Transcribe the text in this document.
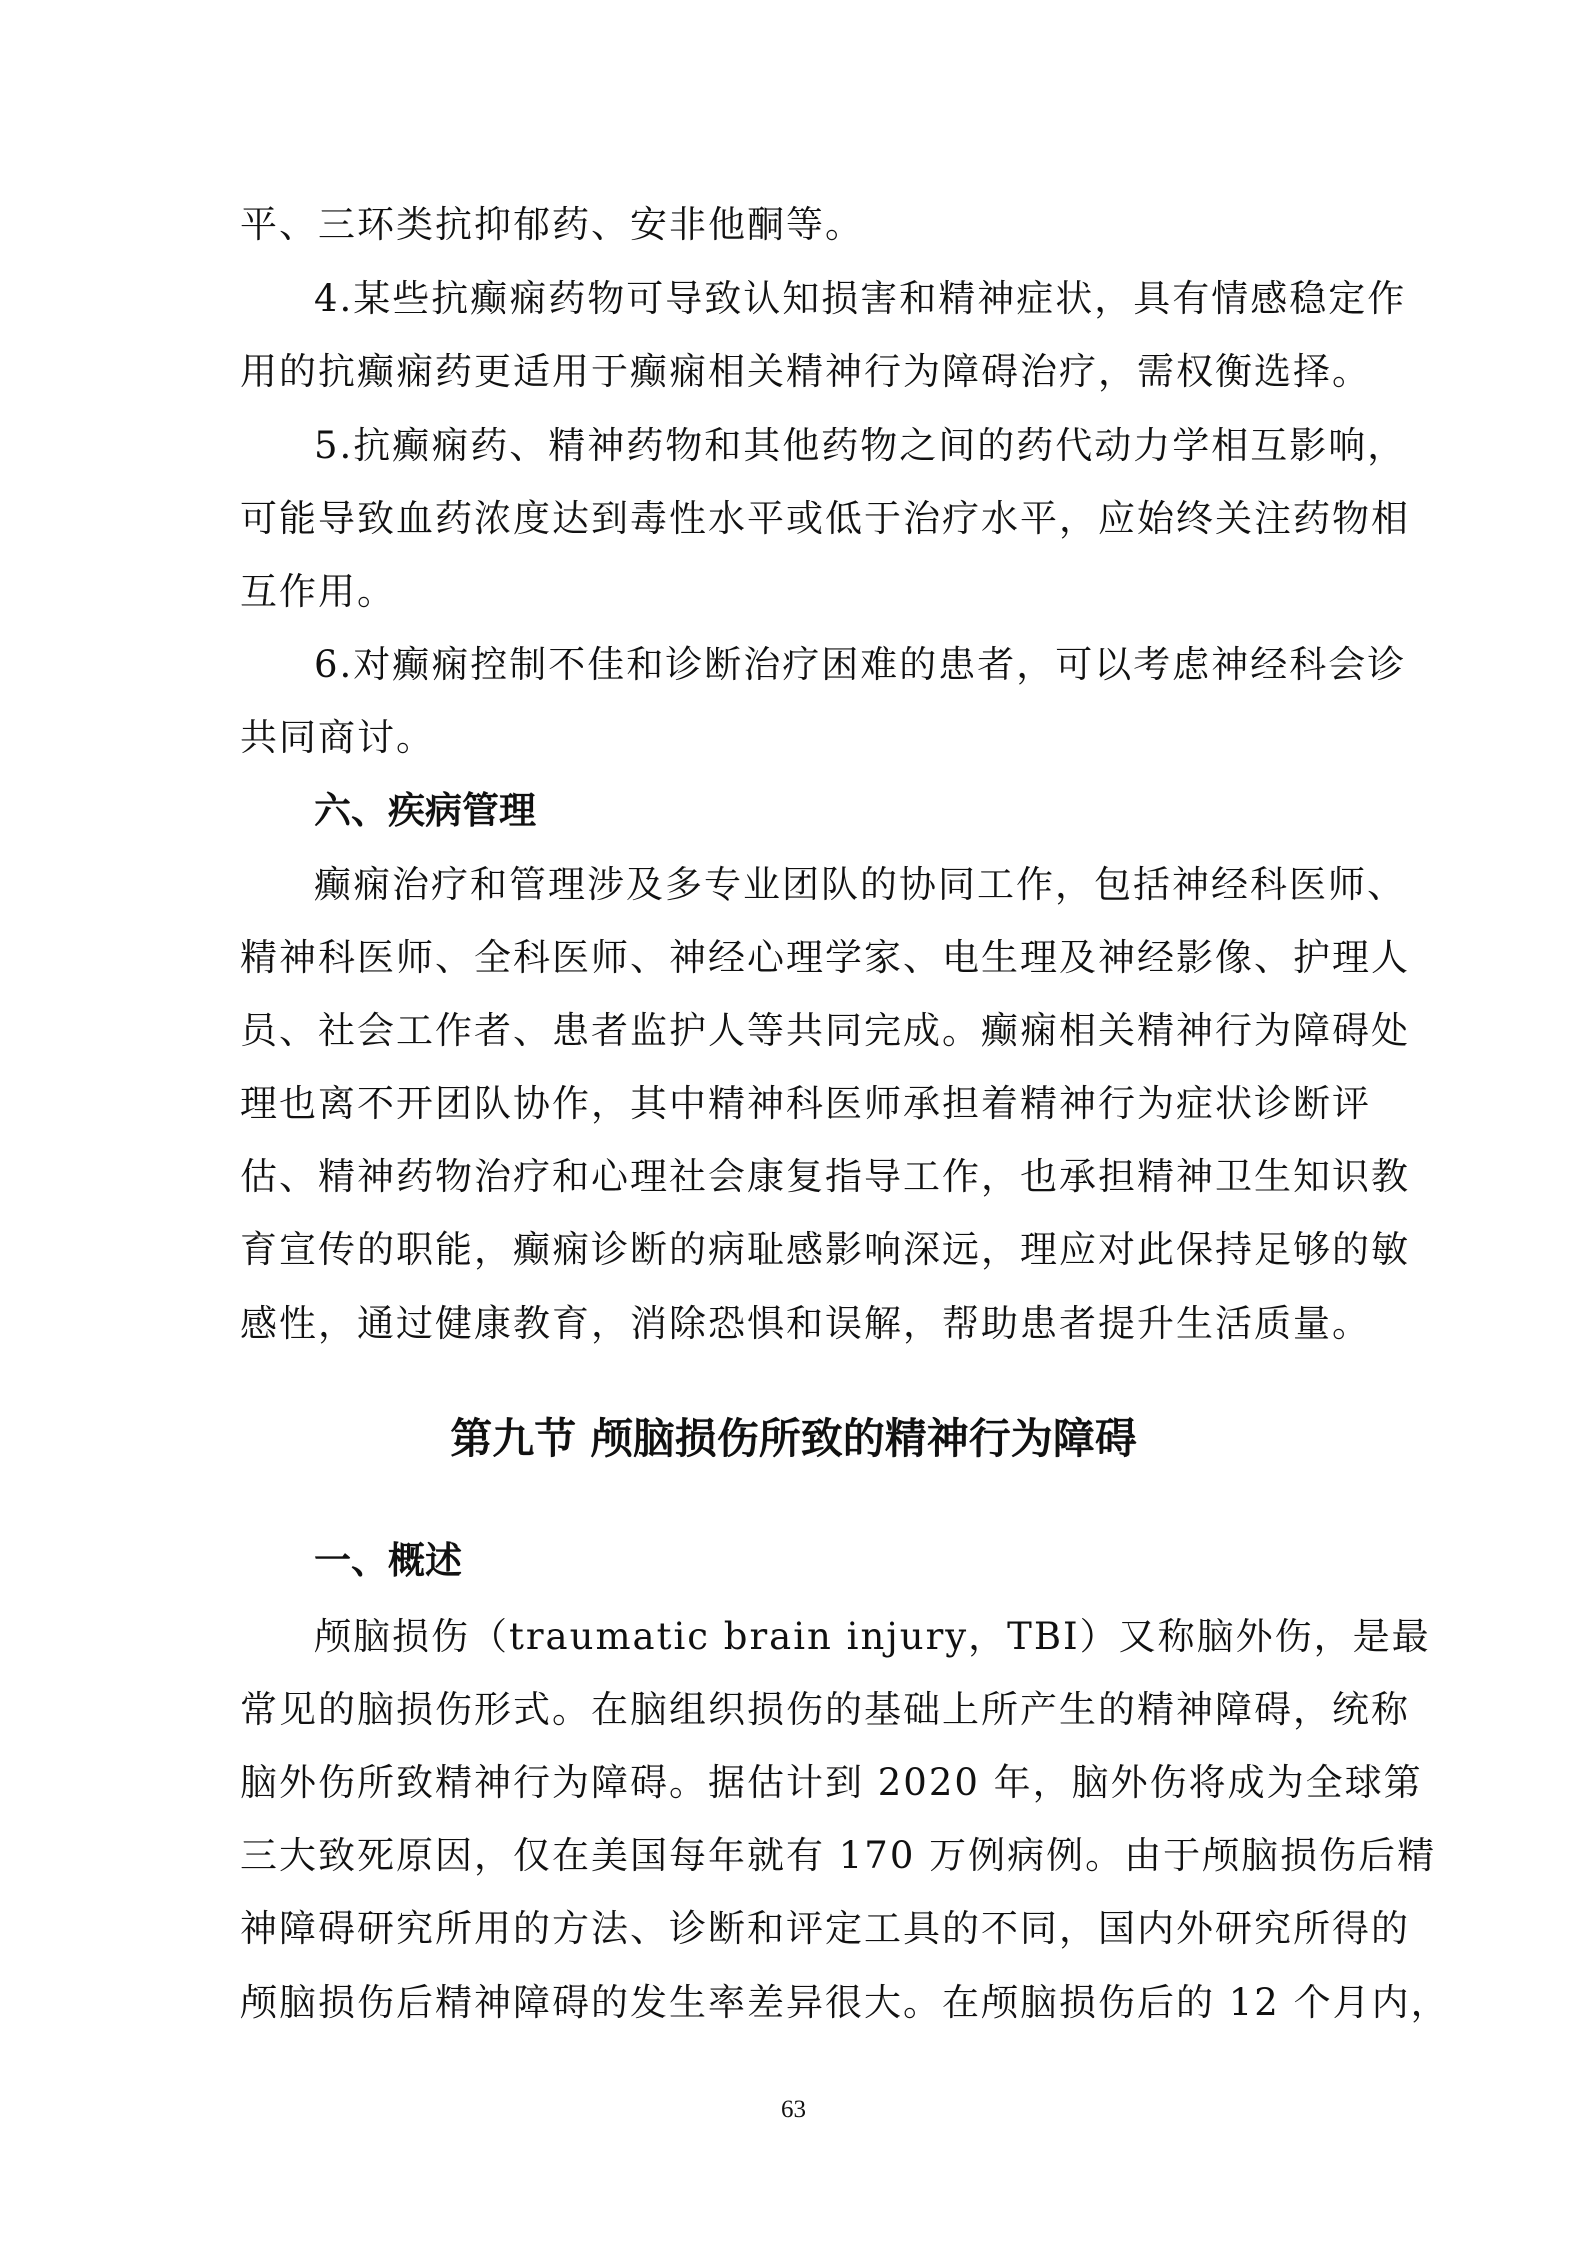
平、三环类抗抑郁药、安非他酮等。
4.某些抗癫痫药物可导致认知损害和精神症状，具有情感稳定作
用的抗癫痫药更适用于癫痫相关精神行为障碍治疗，需权衡选择。
5.抗癫痫药、精神药物和其他药物之间的药代动力学相互影响，
可能导致血药浓度达到毒性水平或低于治疗水平，应始终关注药物相
互作用。
6.对癫痫控制不佳和诊断治疗困难的患者，可以考虑神经科会诊
共同商讨。
六、疾病管理
癫痫治疗和管理涉及多专业团队的协同工作，包括神经科医师、
精神科医师、全科医师、神经心理学家、电生理及神经影像、护理人
员、社会工作者、患者监护人等共同完成。癫痫相关精神行为障碍处
理也离不开团队协作，其中精神科医师承担着精神行为症状诊断评
估、精神药物治疗和心理社会康复指导工作，也承担精神卫生知识教
育宣传的职能，癫痫诊断的病耻感影响深远，理应对此保持足够的敏
感性，通过健康教育，消除恐惧和误解，帮助患者提升生活质量。
第九节 颅脑损伤所致的精神行为障碍
一、概述
颅脑损伤（traumatic brain injury，TBI）又称脑外伤，是最
常见的脑损伤形式。在脑组织损伤的基础上所产生的精神障碍，统称
脑外伤所致精神行为障碍。据估计到 2020 年，脑外伤将成为全球第
三大致死原因，仅在美国每年就有 170 万例病例。由于颅脑损伤后精
神障碍研究所用的方法、诊断和评定工具的不同，国内外研究所得的
颅脑损伤后精神障碍的发生率差异很大。在颅脑损伤后的 12 个月内，
63
